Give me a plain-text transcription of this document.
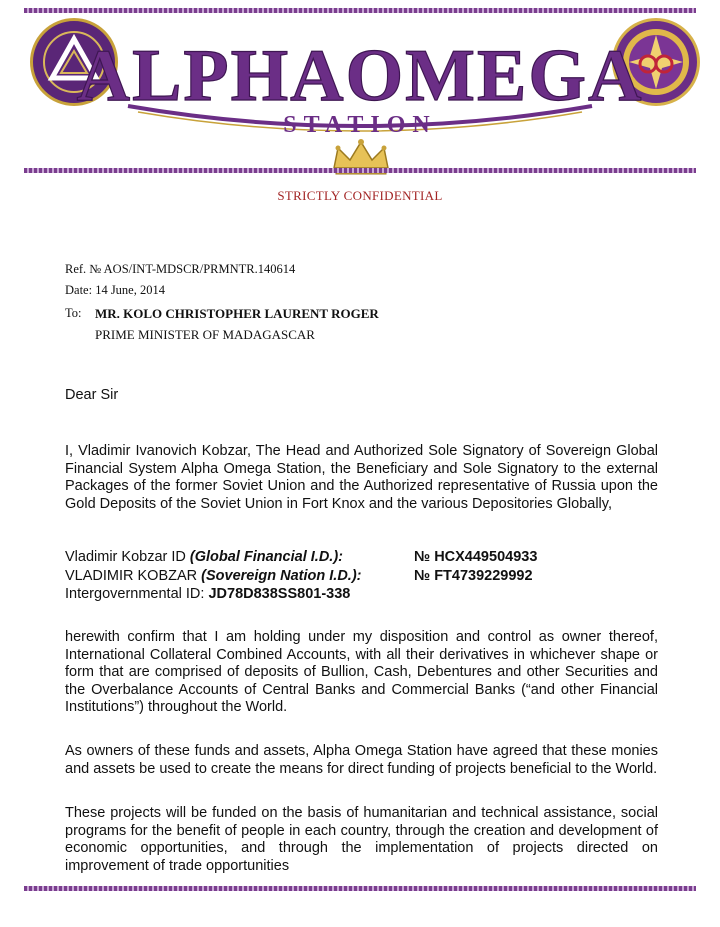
ALPHAOMEGA
STATION
STRICTLY CONFIDENTIAL
Ref. № AOS/INT-MDSCR/PRMNTR.140614
Date: 14 June, 2014
To: MR. KOLO CHRISTOPHER LAURENT ROGER
PRIME MINISTER OF MADAGASCAR
Dear Sir

I, Vladimir Ivanovich Kobzar, The Head and Authorized Sole Signatory of Sovereign Global Financial System Alpha Omega Station, the Beneficiary and Sole Signatory to the external Packages of the former Soviet Union and the Authorized representative of Russia upon the Gold Deposits of the Soviet Union in Fort Knox and the various Depositories Globally,

Vladimir Kobzar ID (Global Financial I.D.):	№ HCX449504933
VLADIMIR KOBZAR (Sovereign Nation I.D.):	№ FT4739229992
Intergovernmental ID: JD78D838SS801-338

herewith confirm that I am holding under my disposition and control as owner thereof, International Collateral Combined Accounts, with all their derivatives in whichever shape or form that are comprised of deposits of Bullion, Cash, Debentures and other Securities and the Overbalance Accounts of Central Banks and Commercial Banks (“and other Financial Institutions”) throughout the World.

As owners of these funds and assets, Alpha Omega Station have agreed that these monies and assets be used to create the means for direct funding of projects beneficial to the World.

These projects will be funded on the basis of humanitarian and technical assistance, social programs for the benefit of people in each country, through the creation and development of economic opportunities, and through the implementation of projects directed on improvement of trade opportunities
